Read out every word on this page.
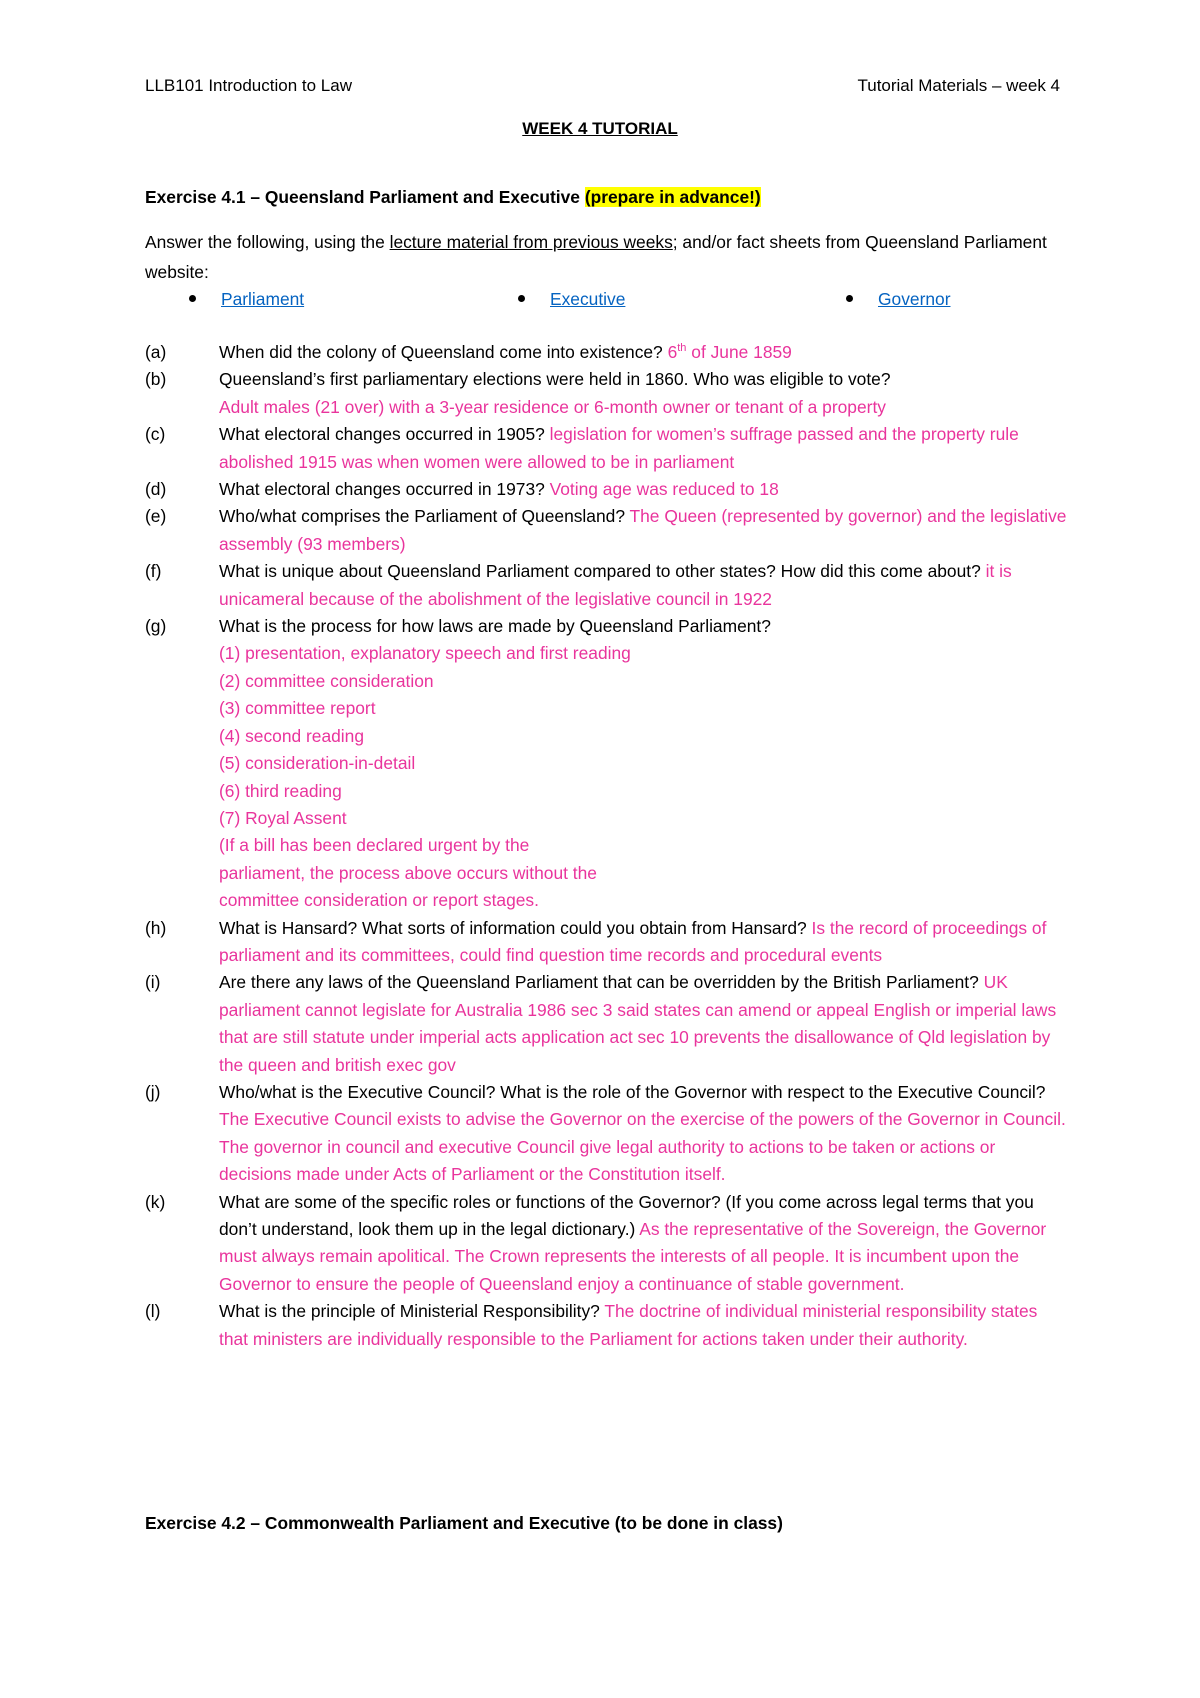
LLB101 Introduction to Law	Tutorial Materials – week 4
WEEK 4 TUTORIAL
Exercise 4.1 – Queensland Parliament and Executive (prepare in advance!)
Answer the following, using the lecture material from previous weeks; and/or fact sheets from Queensland Parliament website:
Parliament	Executive	Governor
(a)	When did the colony of Queensland come into existence? 6th of June 1859
(b)	Queensland’s first parliamentary elections were held in 1860. Who was eligible to vote?
Adult males (21 over) with a 3-year residence or 6-month owner or tenant of a property
(c)	What electoral changes occurred in 1905? legislation for women’s suffrage passed and the property rule abolished 1915 was when women were allowed to be in parliament
(d)	What electoral changes occurred in 1973? Voting age was reduced to 18
(e)	Who/what comprises the Parliament of Queensland? The Queen (represented by governor) and the legislative assembly (93 members)
(f)	What is unique about Queensland Parliament compared to other states? How did this come about? it is unicameral because of the abolishment of the legislative council in 1922
(g)	What is the process for how laws are made by Queensland Parliament?
(1) presentation, explanatory speech and first reading
(2) committee consideration
(3) committee report
(4) second reading
(5) consideration-in-detail
(6) third reading
(7) Royal Assent
(If a bill has been declared urgent by the
parliament, the process above occurs without the
committee consideration or report stages.
(h)	What is Hansard? What sorts of information could you obtain from Hansard? Is the record of proceedings of parliament and its committees, could find question time records and procedural events
(i)	Are there any laws of the Queensland Parliament that can be overridden by the British Parliament? UK parliament cannot legislate for Australia 1986 sec 3 said states can amend or appeal English or imperial laws that are still statute under imperial acts application act sec 10 prevents the disallowance of Qld legislation by the queen and british exec gov
(j)	Who/what is the Executive Council? What is the role of the Governor with respect to the Executive Council? The Executive Council exists to advise the Governor on the exercise of the powers of the Governor in Council. The governor in council and executive Council give legal authority to actions to be taken or actions or decisions made under Acts of Parliament or the Constitution itself.
(k)	What are some of the specific roles or functions of the Governor? (If you come across legal terms that you don’t understand, look them up in the legal dictionary.) As the representative of the Sovereign, the Governor must always remain apolitical. The Crown represents the interests of all people. It is incumbent upon the Governor to ensure the people of Queensland enjoy a continuance of stable government.
(l)	What is the principle of Ministerial Responsibility? The doctrine of individual ministerial responsibility states that ministers are individually responsible to the Parliament for actions taken under their authority.
Exercise 4.2 – Commonwealth Parliament and Executive (to be done in class)
